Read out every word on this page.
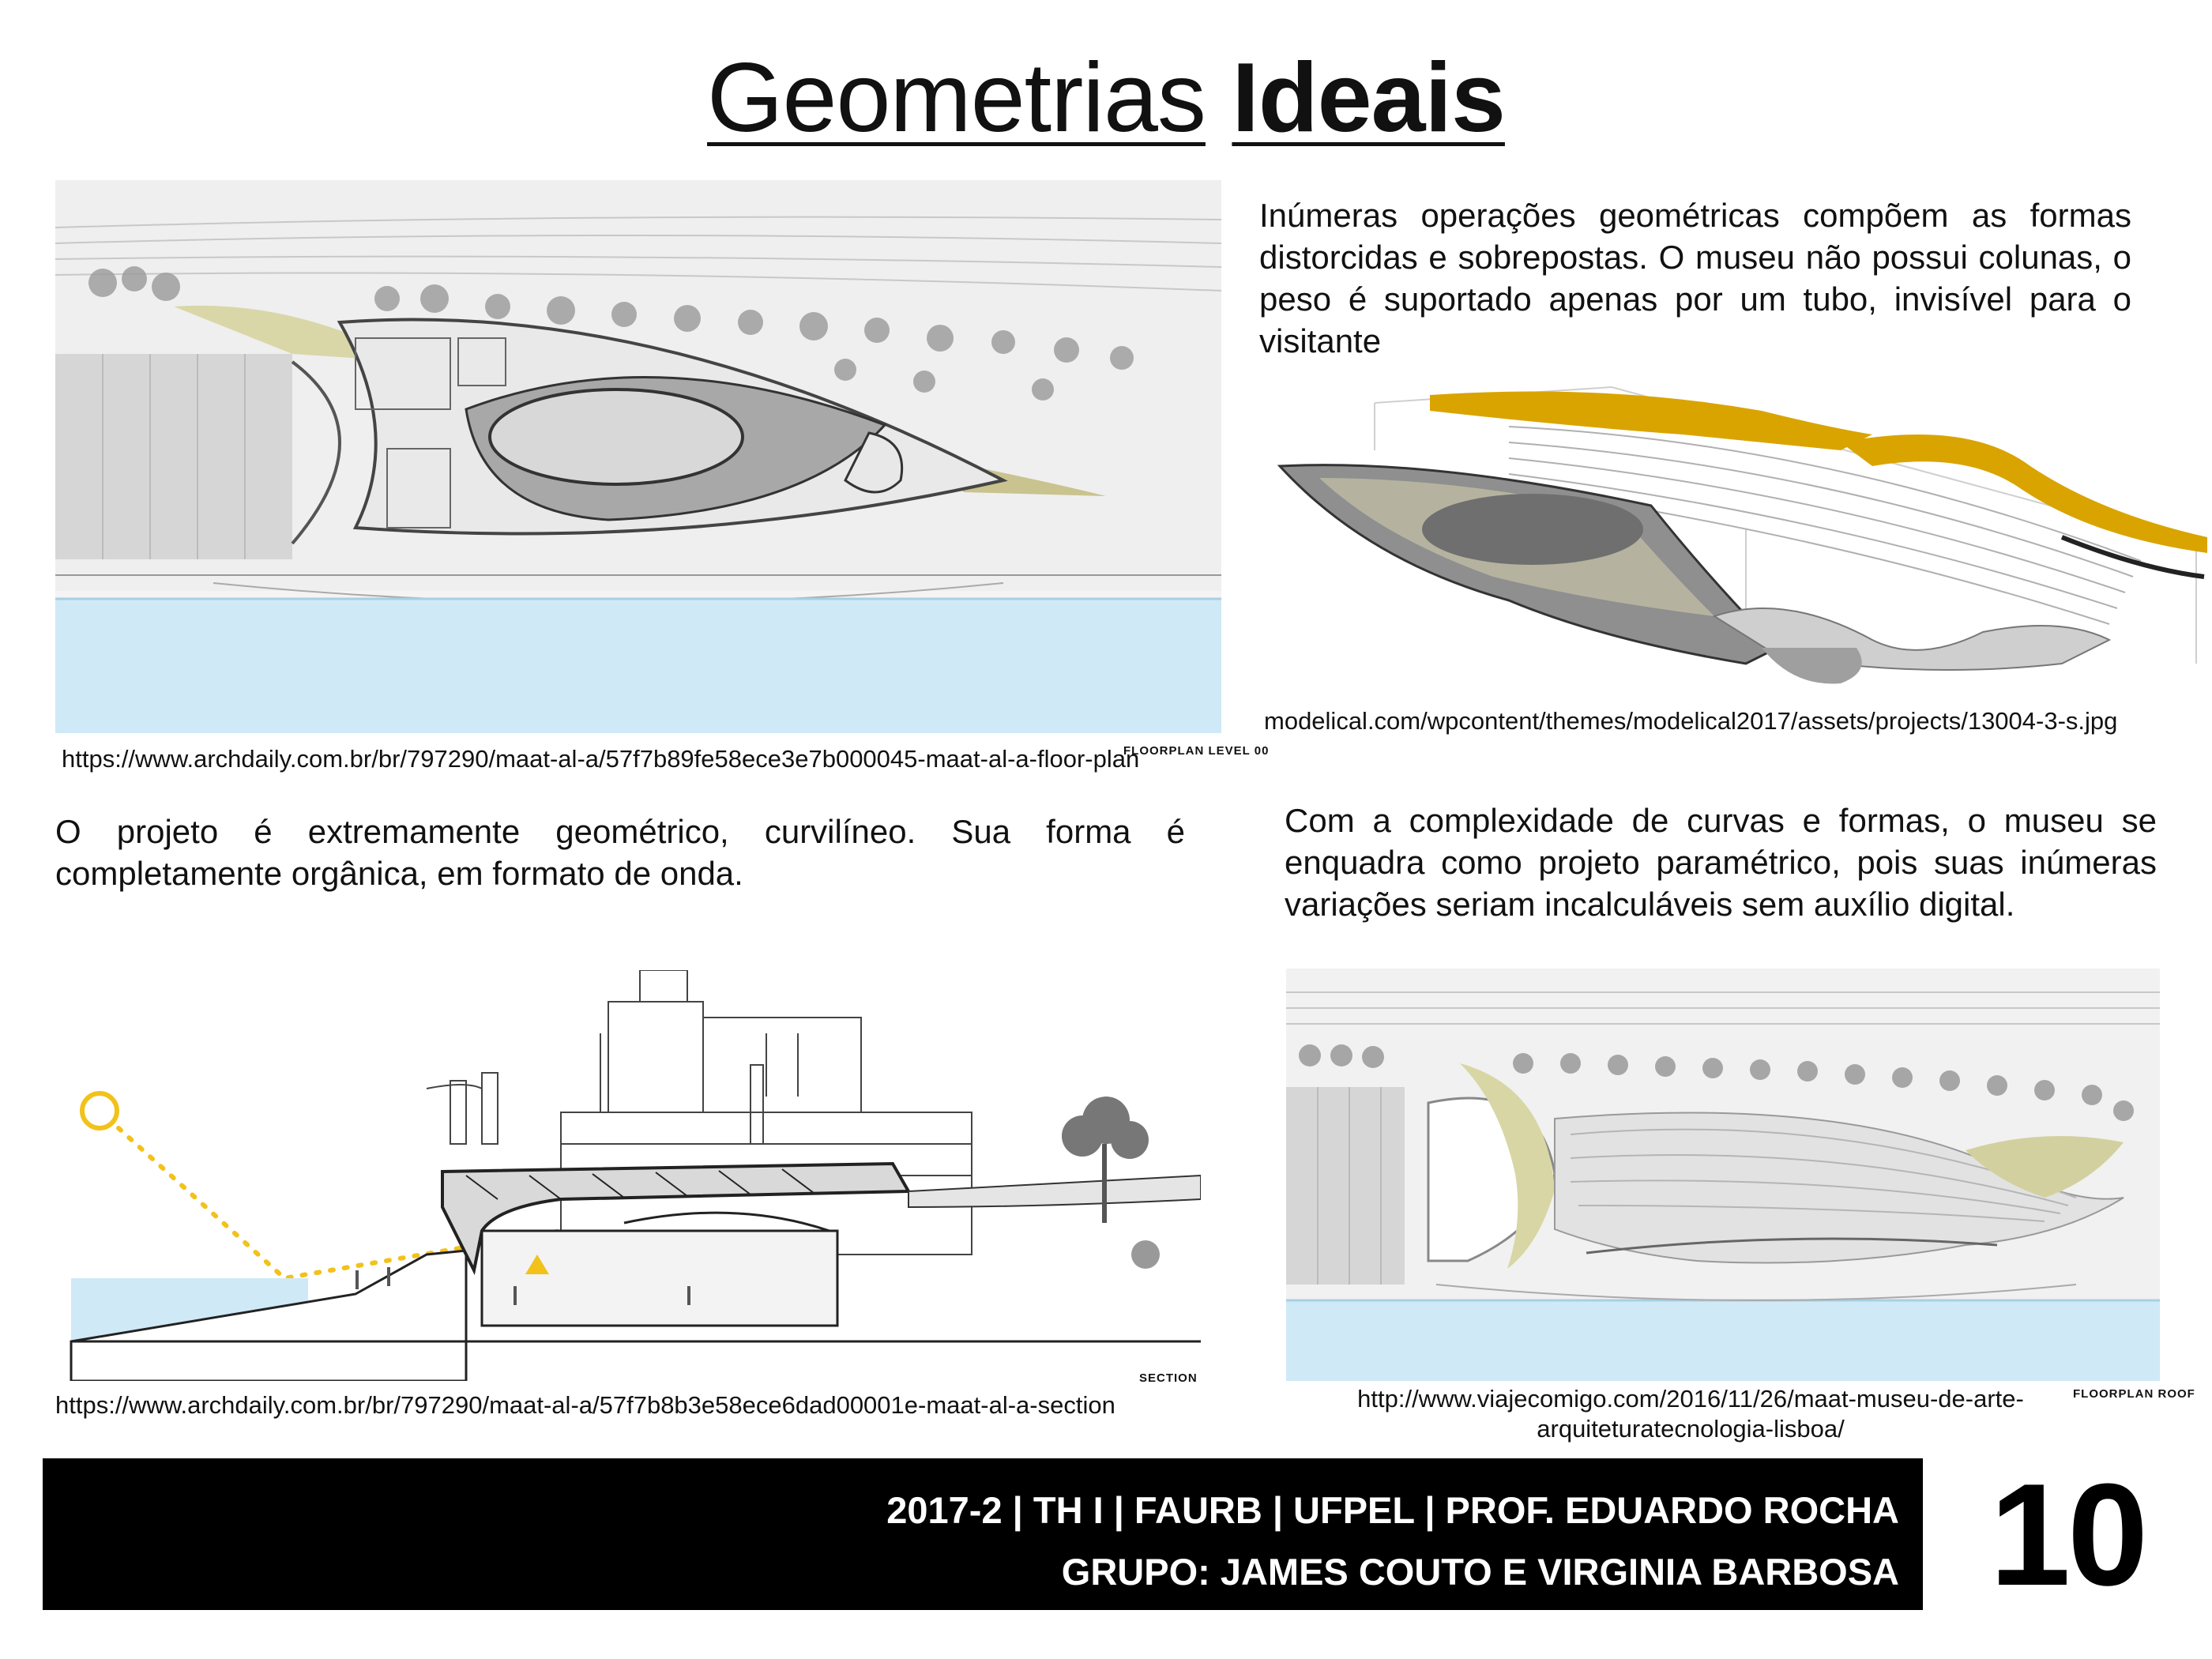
Geometrias Ideais
FLOORPLAN LEVEL 00
https://www.archdaily.com.br/br/797290/maat-al-a/57f7b89fe58ece3e7b000045-maat-al-a-floor-plan
Inúmeras operações geométricas compõem as formas distorcidas e sobrepostas. O museu não possui colunas, o peso é suportado apenas por um tubo, invisível para o visitante
modelical.com/wpcontent/themes/modelical2017/assets/projects/13004-3-s.jpg
O projeto é extremamente geométrico, curvilíneo. Sua forma é completamente orgânica, em formato de onda.
Com a complexidade de curvas e formas, o museu se enquadra como projeto paramétrico, pois suas inúmeras variações seriam incalculáveis sem auxílio digital.
SECTION
https://www.archdaily.com.br/br/797290/maat-al-a/57f7b8b3e58ece6dad00001e-maat-al-a-section	FLOORPLAN ROOF
http://www.viajecomigo.com/2016/11/26/maat-museu-de-arte-
arquiteturatecnologia-lisboa/
2017-2 | TH I | FAURB | UFPEL | PROF. EDUARDO ROCHA
GRUPO: JAMES COUTO E VIRGINIA BARBOSA 10
